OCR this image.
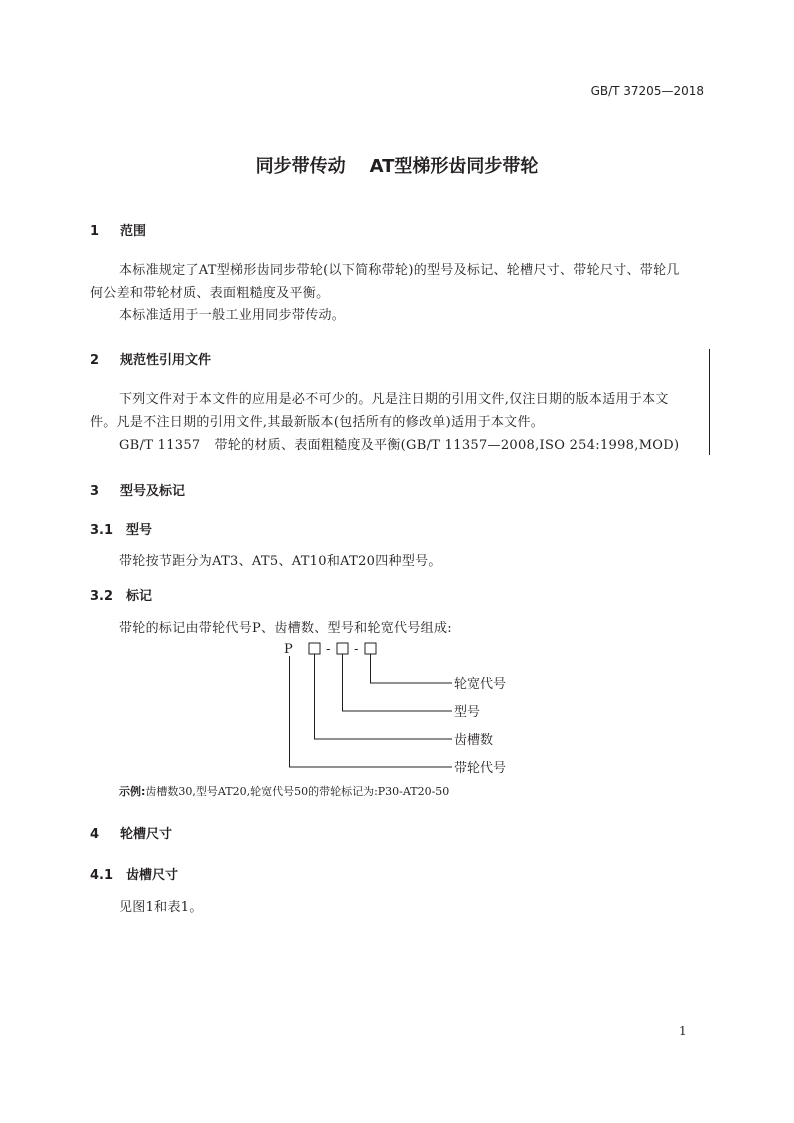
GB/T 37205—2018
同步带传动 AT型梯形齿同步带轮
1 范围
本标准规定了AT型梯形齿同步带轮(以下简称带轮)的型号及标记、轮槽尺寸、带轮尺寸、带轮几
何公差和带轮材质、表面粗糙度及平衡。
本标准适用于一般工业用同步带传动。
2 规范性引用文件
下列文件对于本文件的应用是必不可少的。凡是注日期的引用文件,仅注日期的版本适用于本文
件。凡是不注日期的引用文件,其最新版本(包括所有的修改单)适用于本文件。
GB/T 11357 带轮的材质、表面粗糙度及平衡(GB/T 11357—2008,ISO 254:1998,MOD)
3 型号及标记
3.1 型号
带轮按节距分为AT3、AT5、AT10和AT20四种型号。
3.2 标记
带轮的标记由带轮代号P、齿槽数、型号和轮宽代号组成:
P	- -
轮宽代号
型号
齿槽数
带轮代号
示例:齿槽数30,型号AT20,轮宽代号50的带轮标记为:P30-AT20-50
4 轮槽尺寸
4.1 齿槽尺寸
见图1和表1。
1
